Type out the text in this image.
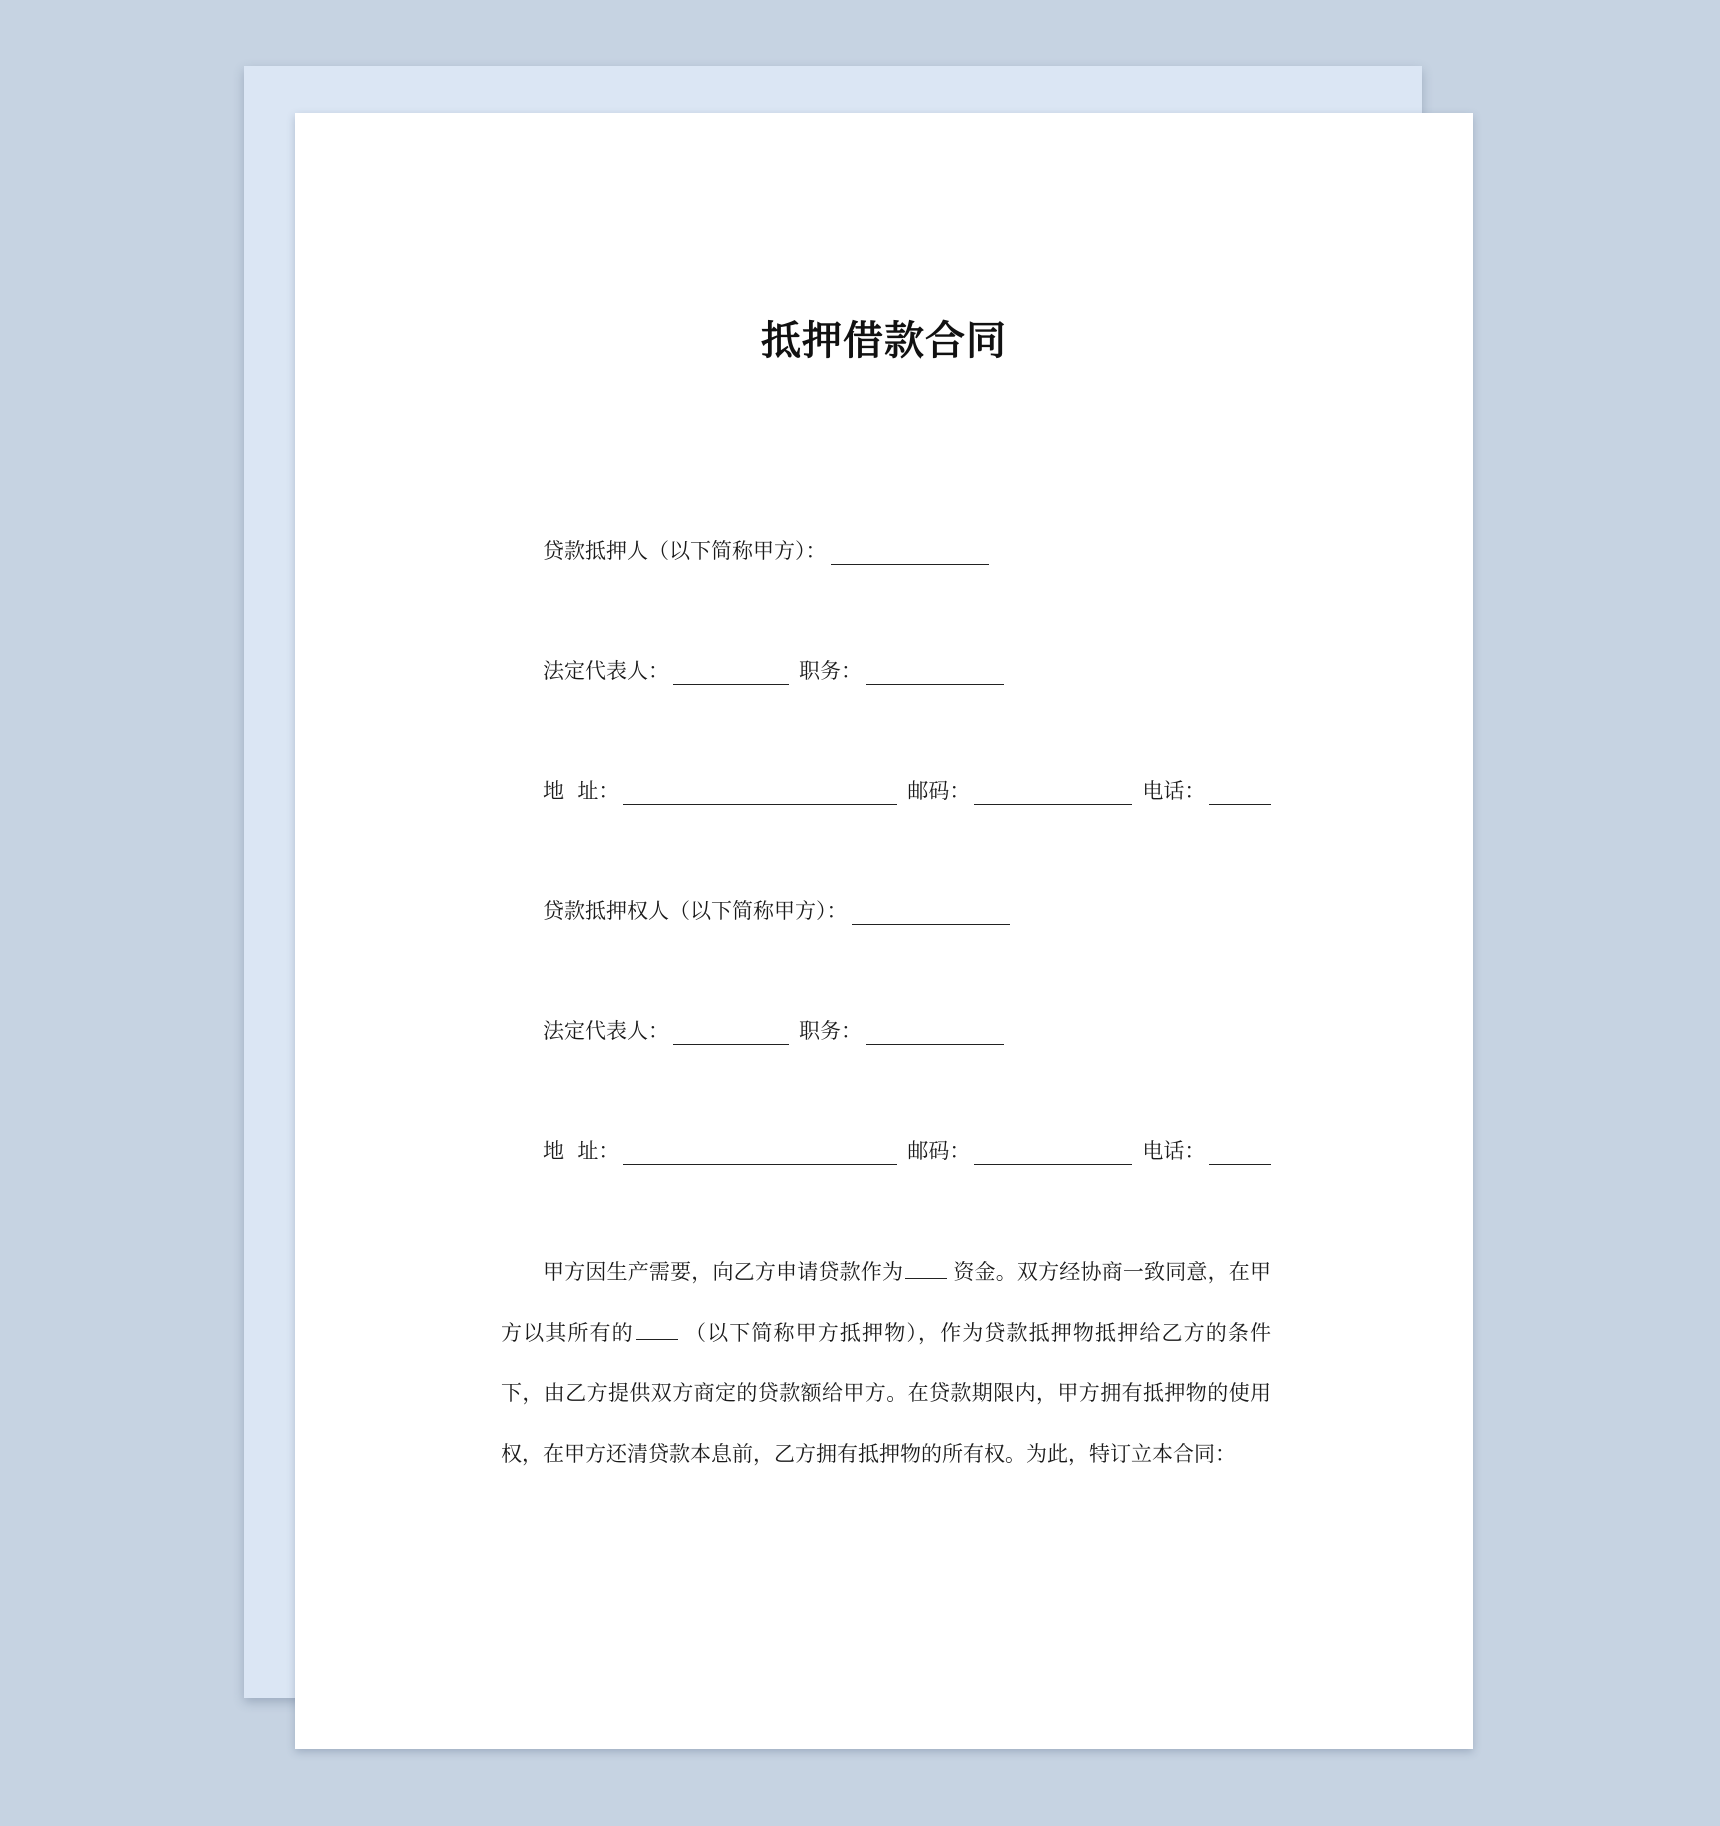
抵押借款合同
贷款抵押人（以下简称甲方）：
法定代表人：	职务：
地  址：	邮码：	电话：
贷款抵押权人（以下简称甲方）：
法定代表人：	职务：
地  址：	邮码：	电话：

甲方因生产需要，向乙方申请贷款作为 资金。双方经协商一致同意，在甲方以其所有的 （以下简称甲方抵押物），作为贷款抵押物抵押给乙方的条件下，由乙方提供双方商定的贷款额给甲方。在贷款期限内，甲方拥有抵押物的使用权，在甲方还清贷款本息前，乙方拥有抵押物的所有权。为此，特订立本合同：
